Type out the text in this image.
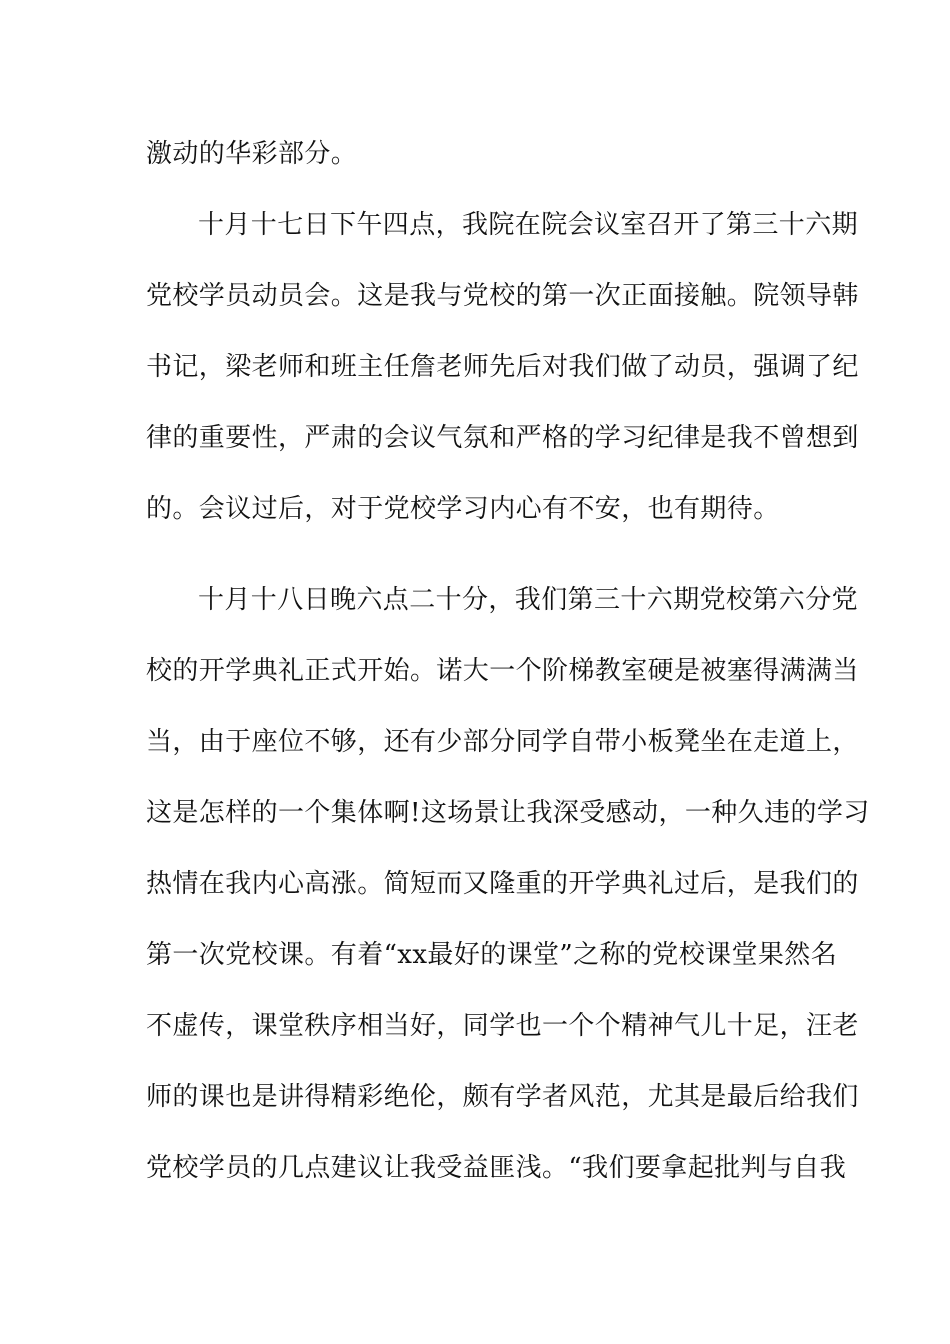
激动的华彩部分。
十月十七日下午四点，我院在院会议室召开了第三十六期
党校学员动员会。这是我与党校的第一次正面接触。院领导韩
书记，梁老师和班主任詹老师先后对我们做了动员，强调了纪
律的重要性，严肃的会议气氛和严格的学习纪律是我不曾想到
的。会议过后，对于党校学习内心有不安，也有期待。
十月十八日晚六点二十分，我们第三十六期党校第六分党
校的开学典礼正式开始。诺大一个阶梯教室硬是被塞得满满当
当，由于座位不够，还有少部分同学自带小板凳坐在走道上，
这是怎样的一个集体啊!这场景让我深受感动，一种久违的学习
热情在我内心高涨。简短而又隆重的开学典礼过后，是我们的
第一次党校课。有着“xx最好的课堂”之称的党校课堂果然名
不虚传，课堂秩序相当好，同学也一个个精神气儿十足，汪老
师的课也是讲得精彩绝伦，颇有学者风范，尤其是最后给我们
党校学员的几点建议让我受益匪浅。“我们要拿起批判与自我
